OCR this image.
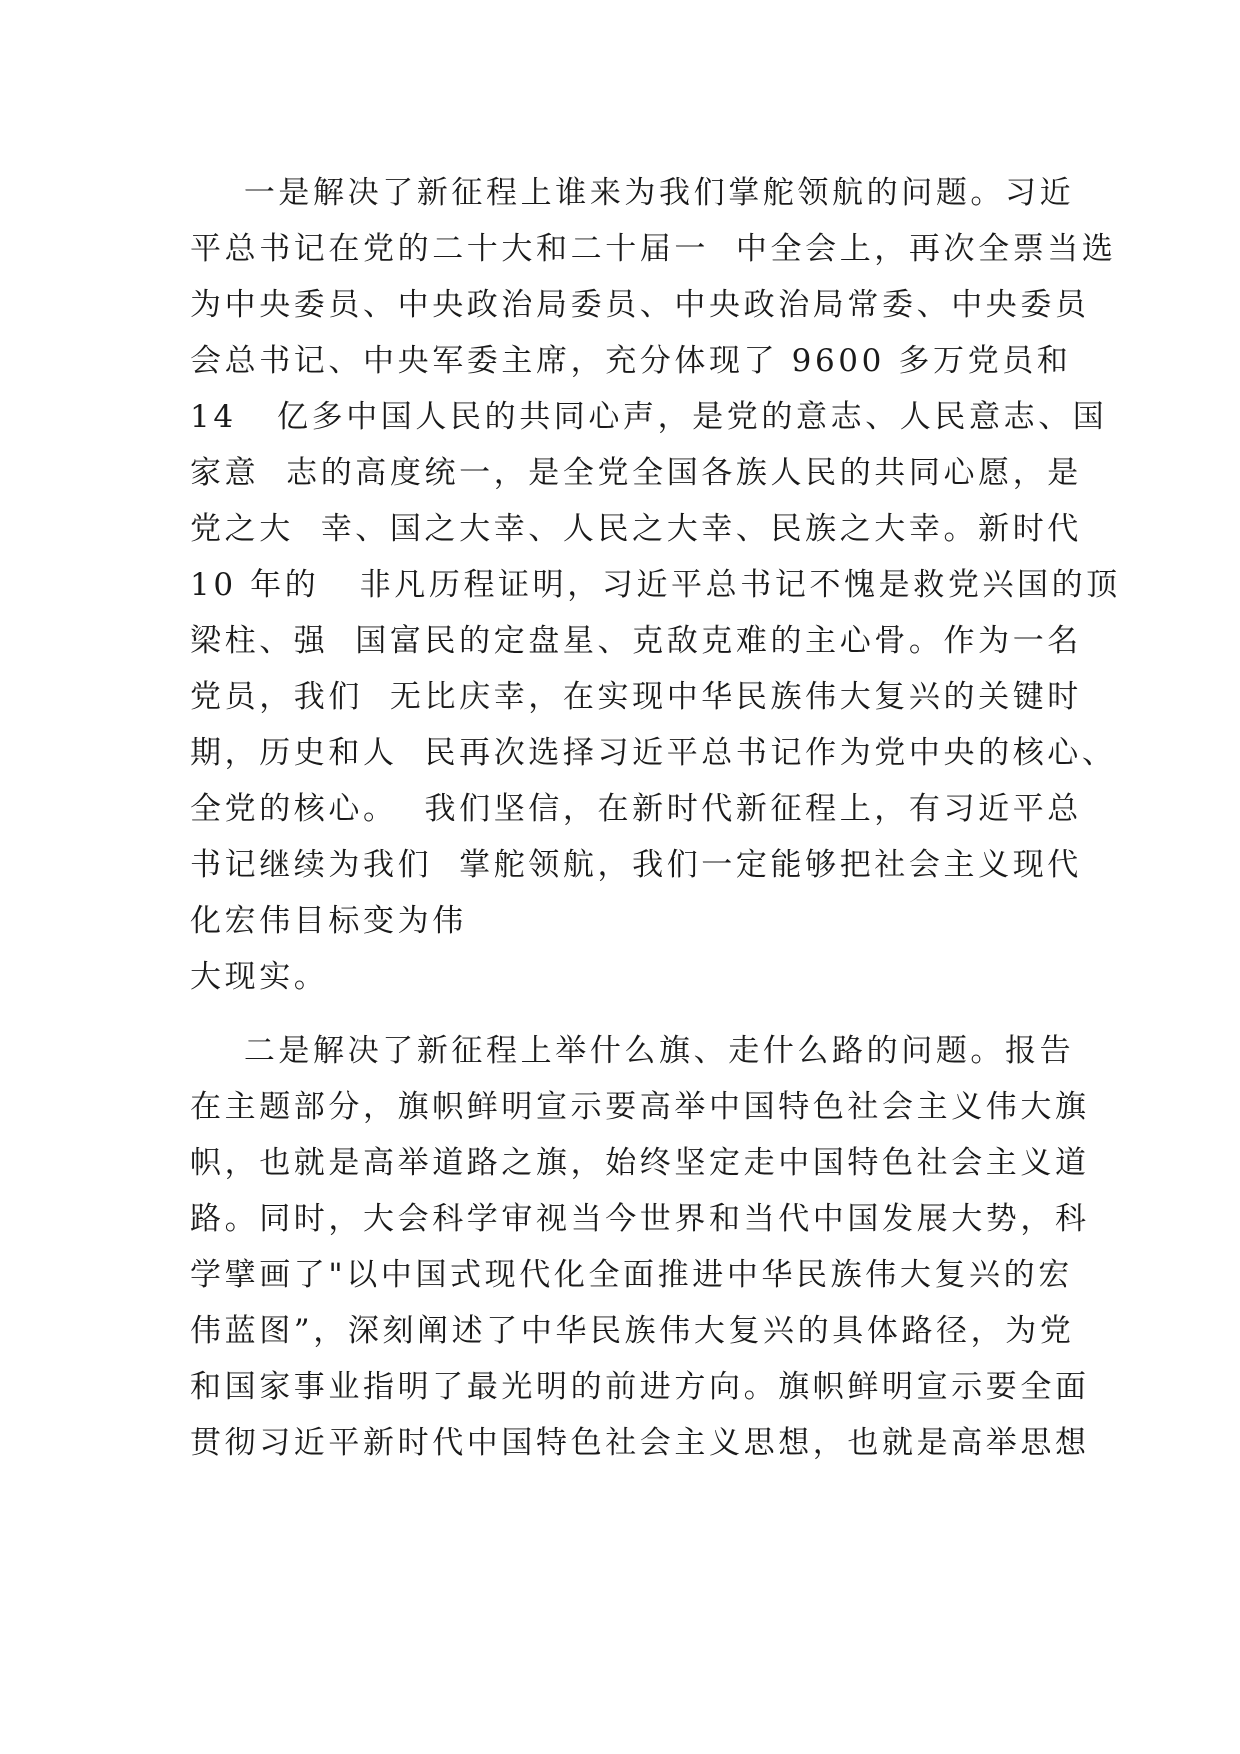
一是解决了新征程上谁来为我们掌舵领航的问题。习近
平总书记在党的二十大和二十届一  中全会上，再次全票当选
为中央委员、中央政治局委员、中央政治局常委、中央委员
会总书记、中央军委主席，充分体现了 9600 多万党员和
14   亿多中国人民的共同心声，是党的意志、人民意志、国
家意  志的高度统一，是全党全国各族人民的共同心愿，是
党之大  幸、国之大幸、人民之大幸、民族之大幸。新时代
10 年的   非凡历程证明，习近平总书记不愧是救党兴国的顶
梁柱、强  国富民的定盘星、克敌克难的主心骨。作为一名
党员，我们  无比庆幸，在实现中华民族伟大复兴的关键时
期，历史和人  民再次选择习近平总书记作为党中央的核心、
全党的核心。  我们坚信，在新时代新征程上，有习近平总
书记继续为我们  掌舵领航，我们一定能够把社会主义现代
化宏伟目标变为伟
大现实。
二是解决了新征程上举什么旗、走什么路的问题。报告
在主题部分，旗帜鲜明宣示要高举中国特色社会主义伟大旗
帜，也就是高举道路之旗，始终坚定走中国特色社会主义道
路。同时，大会科学审视当今世界和当代中国发展大势，科
学擘画了"以中国式现代化全面推进中华民族伟大复兴的宏
伟蓝图”，深刻阐述了中华民族伟大复兴的具体路径，为党
和国家事业指明了最光明的前进方向。旗帜鲜明宣示要全面
贯彻习近平新时代中国特色社会主义思想，也就是高举思想
